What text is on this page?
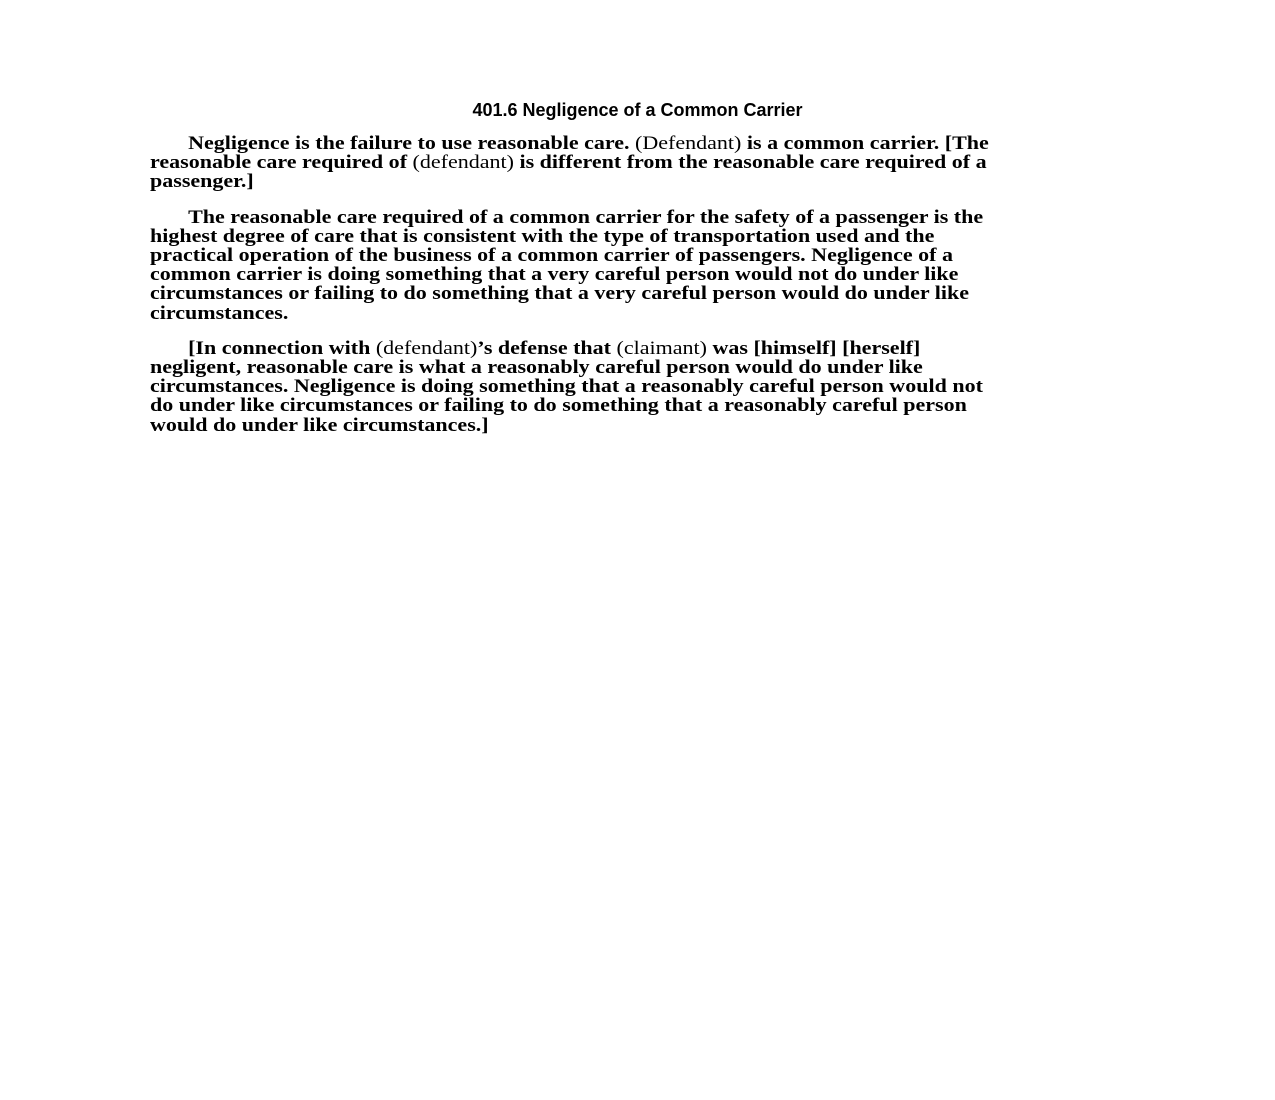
401.6 Negligence of a Common Carrier
Negligence is the failure to use reasonable care. (Defendant) is a common carrier. [The
reasonable care required of (defendant) is different from the reasonable care required of a
passenger.]
The reasonable care required of a common carrier for the safety of a passenger is the
highest degree of care that is consistent with the type of transportation used and the
practical operation of the business of a common carrier of passengers. Negligence of a
common carrier is doing something that a very careful person would not do under like
circumstances or failing to do something that a very careful person would do under like
circumstances.
[In connection with (defendant)’s defense that (claimant) was [himself] [herself]
negligent, reasonable care is what a reasonably careful person would do under like
circumstances. Negligence is doing something that a reasonably careful person would not
do under like circumstances or failing to do something that a reasonably careful person
would do under like circumstances.]
